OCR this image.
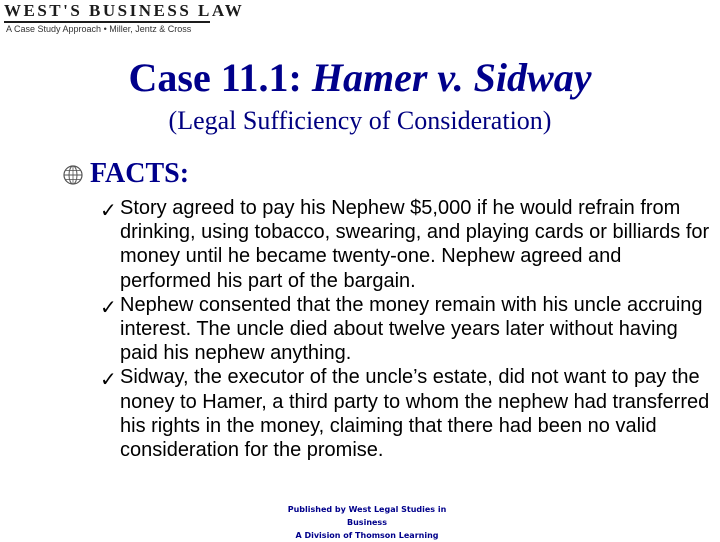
WEST'S BUSINESS LAW
A Case Study Approach • Miller, Jentz & Cross
Case 11.1: Hamer v. Sidway
(Legal Sufficiency of Consideration)
FACTS:
✓ Story agreed to pay his Nephew $5,000 if he would refrain from drinking, using tobacco, swearing, and playing cards or billiards for money until he became twenty-one. Nephew agreed and performed his part of the bargain.
✓ Nephew consented that the money remain with his uncle accruing interest. The uncle died about twelve years later without having paid his nephew anything.
✓ Sidway, the executor of the uncle’s estate, did not want to pay the noney to Hamer, a third party to whom the nephew had transferred his rights in the money, claiming that there had been no valid consideration for the promise.
Published by West Legal Studies in Business
A Division of Thomson Learning
